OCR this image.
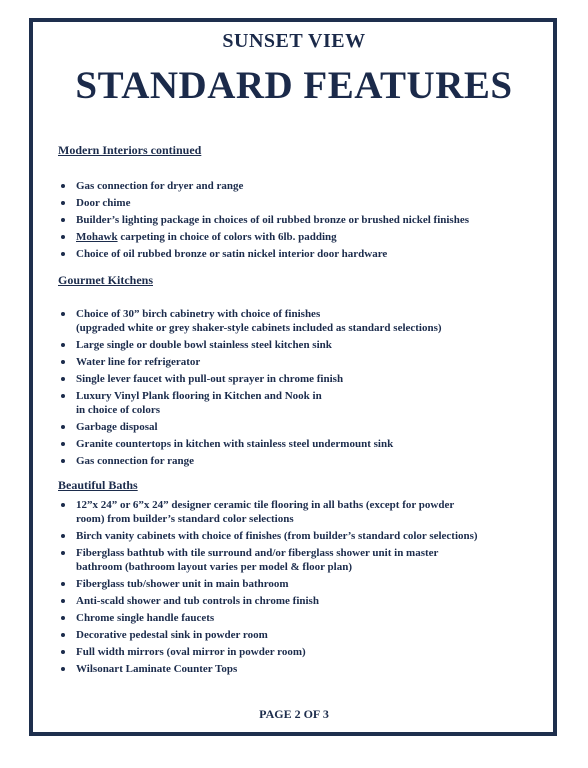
SUNSET VIEW
STANDARD FEATURES

Modern Interiors continued

Gas connection for dryer and range
Door chime
Builder’s lighting package in choices of oil rubbed bronze or brushed nickel finishes
Mohawk carpeting in choice of colors with 6lb. padding
Choice of oil rubbed bronze or satin nickel interior door hardware

Gourmet Kitchens

Choice of 30” birch cabinetry with choice of finishes
(upgraded white or grey shaker-style cabinets included as standard selections)
Large single or double bowl stainless steel kitchen sink
Water line for refrigerator
Single lever faucet with pull-out sprayer in chrome finish
Luxury Vinyl Plank flooring in Kitchen and Nook in
in choice of colors
Garbage disposal
Granite countertops in kitchen with stainless steel undermount sink
Gas connection for range

Beautiful Baths

12”x 24” or 6”x 24” designer ceramic tile flooring in all baths (except for powder
room) from builder’s standard color selections
Birch vanity cabinets with choice of finishes (from builder’s standard color selections)
Fiberglass bathtub with tile surround and/or fiberglass shower unit in master
bathroom (bathroom layout varies per model & floor plan)
Fiberglass tub/shower unit in main bathroom
Anti-scald shower and tub controls in chrome finish
Chrome single handle faucets
Decorative pedestal sink in powder room
Full width mirrors (oval mirror in powder room)
Wilsonart Laminate Counter Tops
PAGE 2 OF 3
